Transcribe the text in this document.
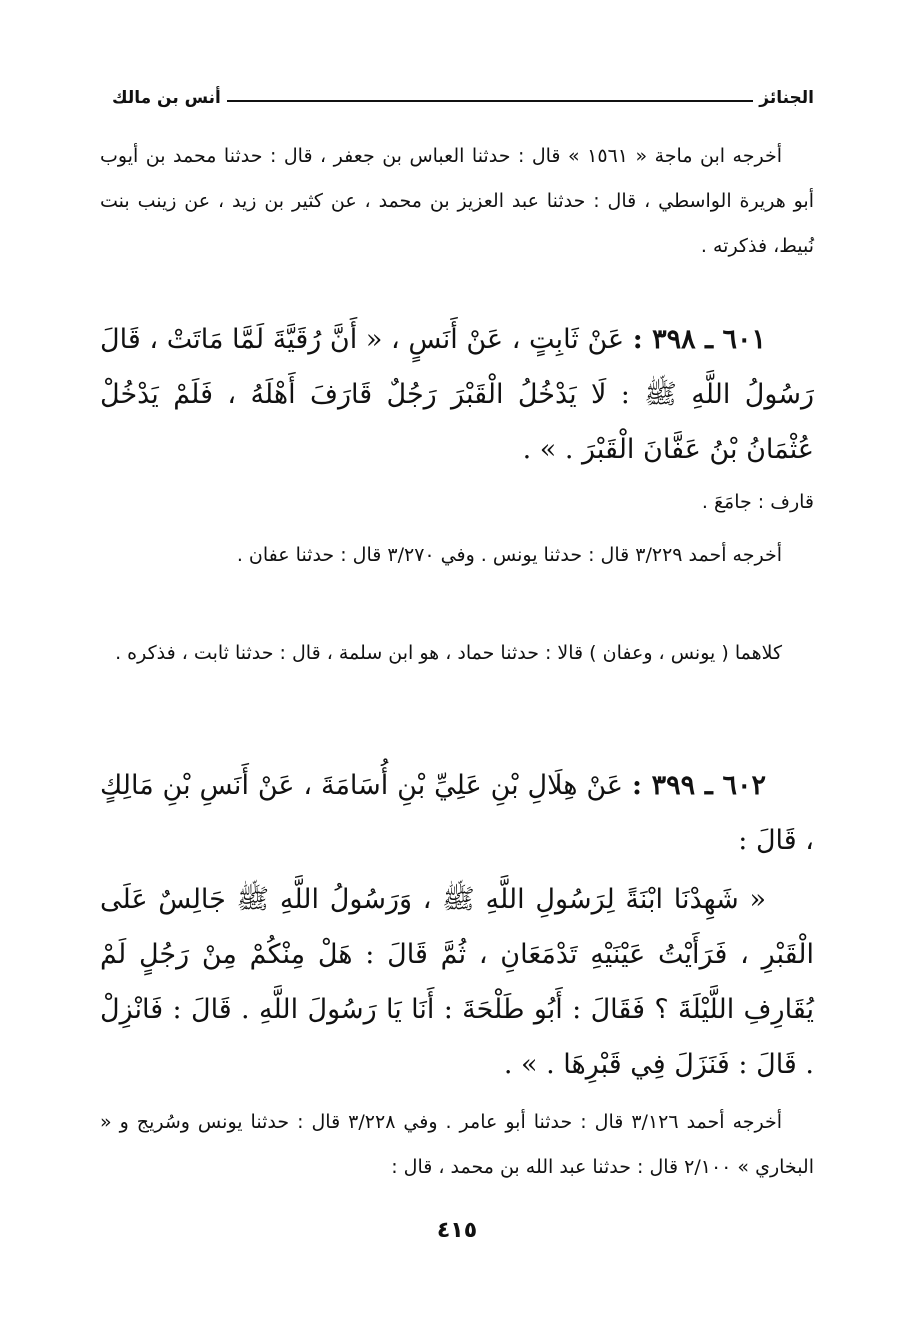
الجنائز
أنس بن مالك
أخرجه ابن ماجة « ١٥٦١ » قال : حدثنا العباس بن جعفر ، قال : حدثنا محمد بن أيوب أبو هريرة الواسطي ، قال : حدثنا عبد العزيز بن محمد ، عن كثير بن زيد ، عن زينب بنت نُبيط، فذكرته .
٦٠١ ـ ٣٩٨ : عَنْ ثَابِتٍ ، عَنْ أَنَسٍ ، « أَنَّ رُقَيَّةَ لَمَّا مَاتَتْ ، قَالَ رَسُولُ اللَّهِ ﷺ : لَا يَدْخُلُ الْقَبْرَ رَجُلٌ قَارَفَ أَهْلَهُ ، فَلَمْ يَدْخُلْ عُثْمَانُ بْنُ عَفَّانَ الْقَبْرَ . » .
قارف : جامَعَ .
أخرجه أحمد ٣/٢٢٩ قال : حدثنا يونس . وفي ٣/٢٧٠ قال : حدثنا عفان .
كلاهما ( يونس ، وعفان ) قالا : حدثنا حماد ، هو ابن سلمة ، قال : حدثنا ثابت ، فذكره .
٦٠٢ ـ ٣٩٩ : عَنْ هِلَالِ بْنِ عَلِيِّ بْنِ أُسَامَةَ ، عَنْ أَنَسِ بْنِ مَالِكٍ ، قَالَ :
« شَهِدْنَا ابْنَةً لِرَسُولِ اللَّهِ ﷺ ، وَرَسُولُ اللَّهِ ﷺ جَالِسٌ عَلَى الْقَبْرِ ، فَرَأَيْتُ عَيْنَيْهِ تَدْمَعَانِ ، ثُمَّ قَالَ : هَلْ مِنْكُمْ مِنْ رَجُلٍ لَمْ يُقَارِفِ اللَّيْلَةَ ؟ فَقَالَ : أَبُو طَلْحَةَ : أَنَا يَا رَسُولَ اللَّهِ . قَالَ : فَانْزِلْ . قَالَ : فَنَزَلَ فِي قَبْرِهَا . » .
أخرجه أحمد ٣/١٢٦ قال : حدثنا أبو عامر . وفي ٣/٢٢٨ قال : حدثنا يونس وسُريج و « البخاري » ٢/١٠٠ قال : حدثنا عبد الله بن محمد ، قال :
٤١٥
